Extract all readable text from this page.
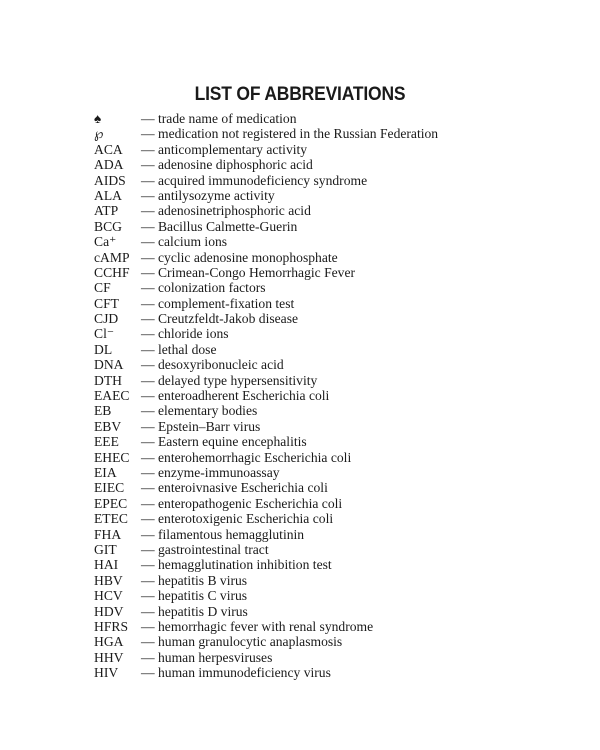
LIST OF ABBREVIATIONS
♠	— trade name of medication
℘	— medication not registered in the Russian Federation
ACA	— anticomplementary activity
ADA	— adenosine diphosphoric acid
AIDS	— acquired immunodeficiency syndrome
ALA	— antilysozyme activity
ATP	— adenosinetriphosphoric acid
BCG	— Bacillus Calmette-Guerin
Ca⁺	— calcium ions
cAMP — cyclic adenosine monophosphate
CCHF — Crimean-Congo Hemorrhagic Fever
CF	— colonization factors
CFT	— complement-fixation test
CJD	— Creutzfeldt-Jakob disease
Cl⁻	— chloride ions
DL	— lethal dose
DNA	— desoxyribonucleic acid
DTH	— delayed type hypersensitivity
EAEC — enteroadherent Escherichia coli
EB	— elementary bodies
EBV	— Epstein–Barr virus
EEE	— Eastern equine encephalitis
EHEC — enterohemorrhagic Escherichia coli
EIA	— enzyme-immunoassay
EIEC	— enteroivnasive Escherichia coli
EPEC	— enteropathogenic Escherichia coli
ETEC — enterotoxigenic Escherichia coli
FHA	— filamentous hemagglutinin
GIT	— gastrointestinal tract
HAI	— hemagglutination inhibition test
HBV	— hepatitis B virus
HCV	— hepatitis C virus
HDV	— hepatitis D virus
HFRS — hemorrhagic fever with renal syndrome
HGA	— human granulocytic anaplasmosis
HHV	— human herpesviruses
HIV	— human immunodeficiency virus
